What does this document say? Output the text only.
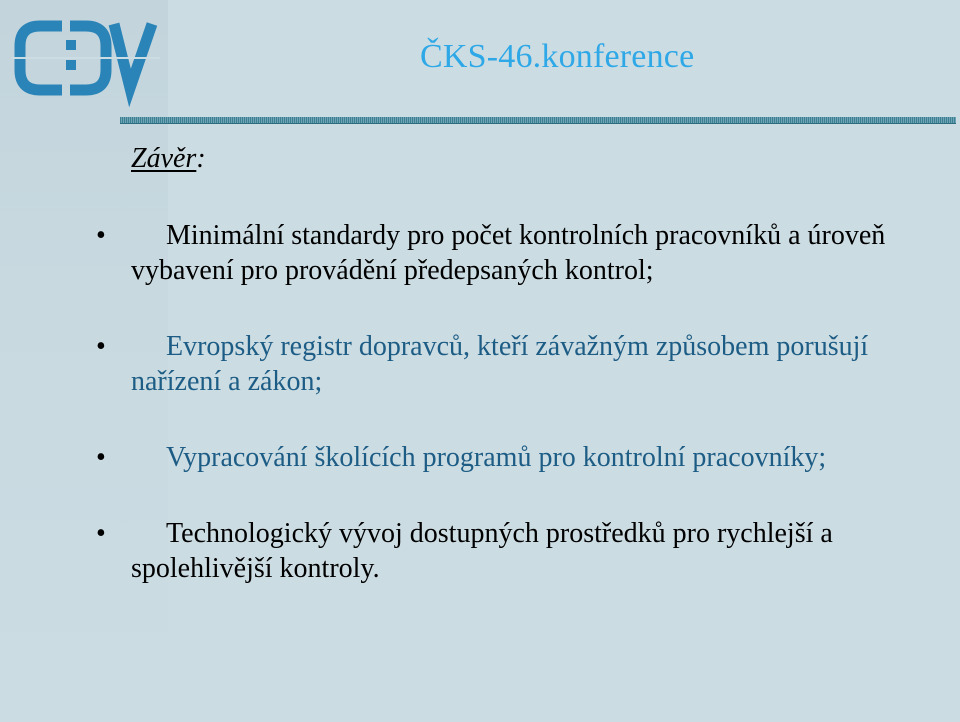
ČKS-46.konference
Závěr:
• Minimální standardy pro počet kontrolních pracovníků a úroveň vybavení pro provádění předepsaných kontrol;
• Evropský registr dopravců, kteří závažným způsobem porušují nařízení a zákon;
• Vypracování školících programů pro kontrolní pracovníky;
• Technologický vývoj dostupných prostředků pro rychlejší a spolehlivější kontroly.
